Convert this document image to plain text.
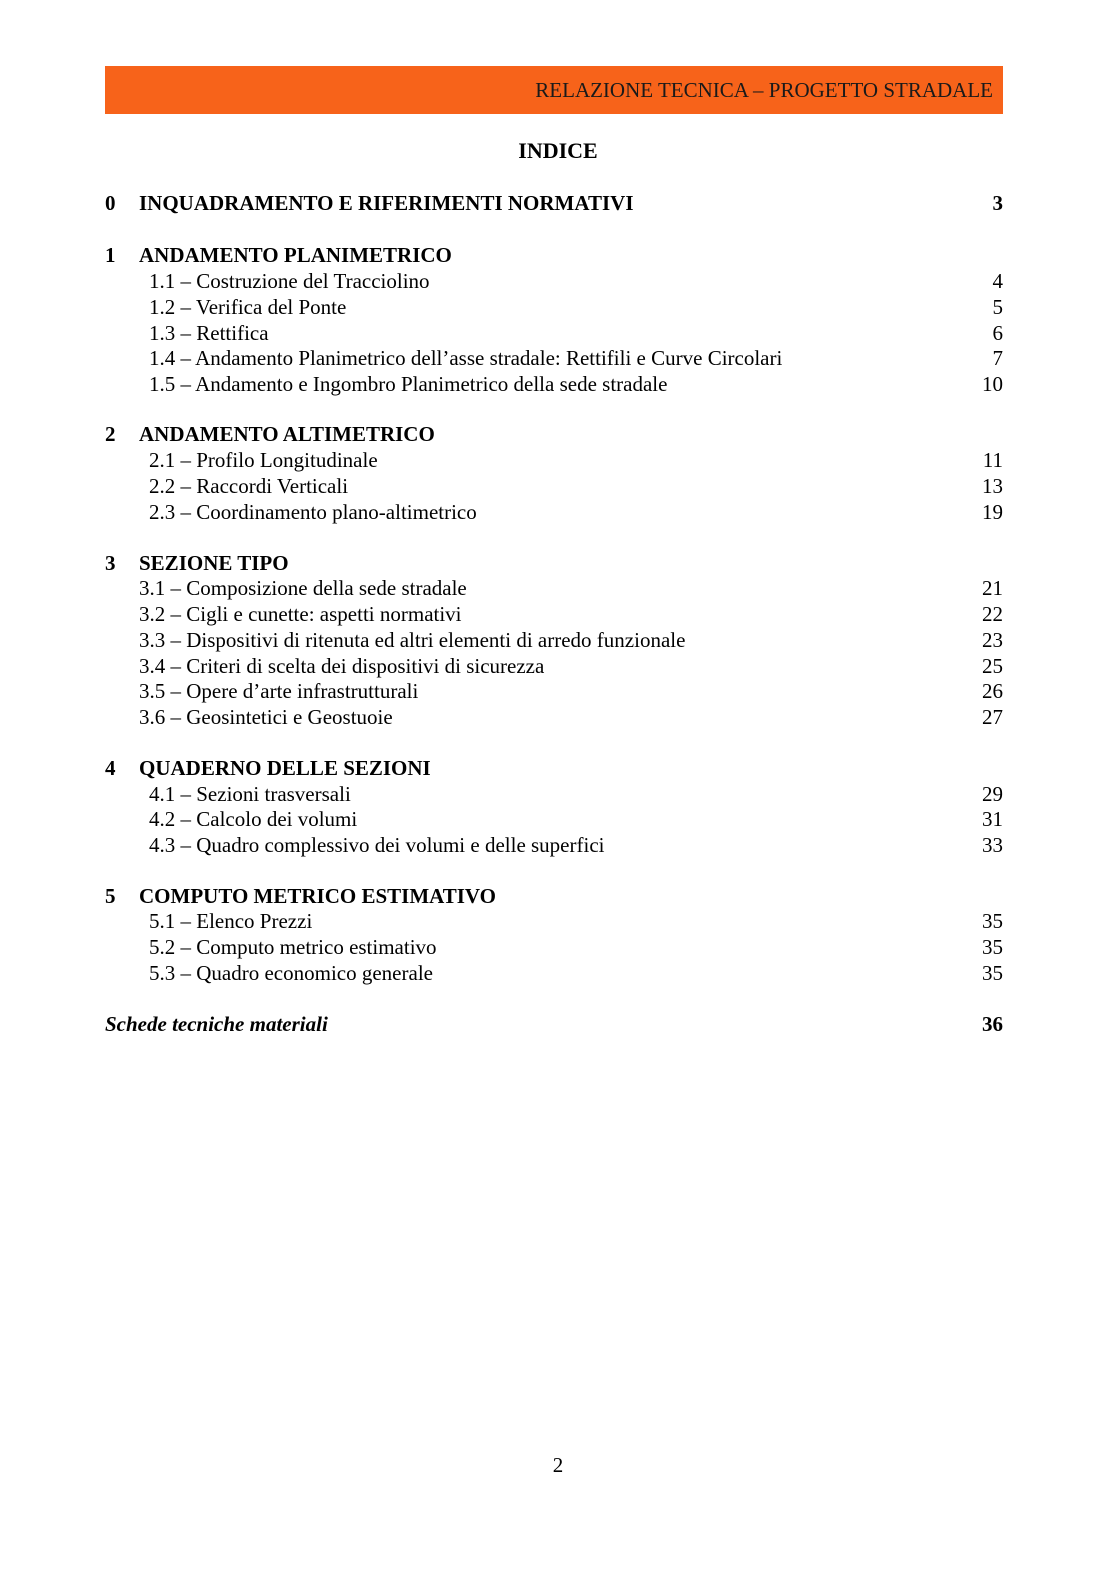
RELAZIONE TECNICA – PROGETTO STRADALE
INDICE
0 INQUADRAMENTO E RIFERIMENTI NORMATIVI	3
1 ANDAMENTO PLANIMETRICO
1.1 – Costruzione del Tracciolino	4
1.2 – Verifica del Ponte	5
1.3 – Rettifica	6
1.4 – Andamento Planimetrico dell’asse stradale: Rettifili e Curve Circolari	7
1.5 – Andamento e Ingombro Planimetrico della sede stradale	10
2 ANDAMENTO ALTIMETRICO
2.1 – Profilo Longitudinale	11
2.2 – Raccordi Verticali	13
2.3 – Coordinamento plano-altimetrico	19
3 SEZIONE TIPO
3.1 – Composizione della sede stradale	21
3.2 – Cigli e cunette: aspetti normativi	22
3.3 – Dispositivi di ritenuta ed altri elementi di arredo funzionale	23
3.4 – Criteri di scelta dei dispositivi di sicurezza	25
3.5 – Opere d’arte infrastrutturali	26
3.6 – Geosintetici e Geostuoie	27
4 QUADERNO DELLE SEZIONI
4.1 – Sezioni trasversali	29
4.2 – Calcolo dei volumi	31
4.3 – Quadro complessivo dei volumi e delle superfici	33
5 COMPUTO METRICO ESTIMATIVO
5.1 – Elenco Prezzi	35
5.2 – Computo metrico estimativo	35
5.3 – Quadro economico generale	35
Schede tecniche materiali	36
2
